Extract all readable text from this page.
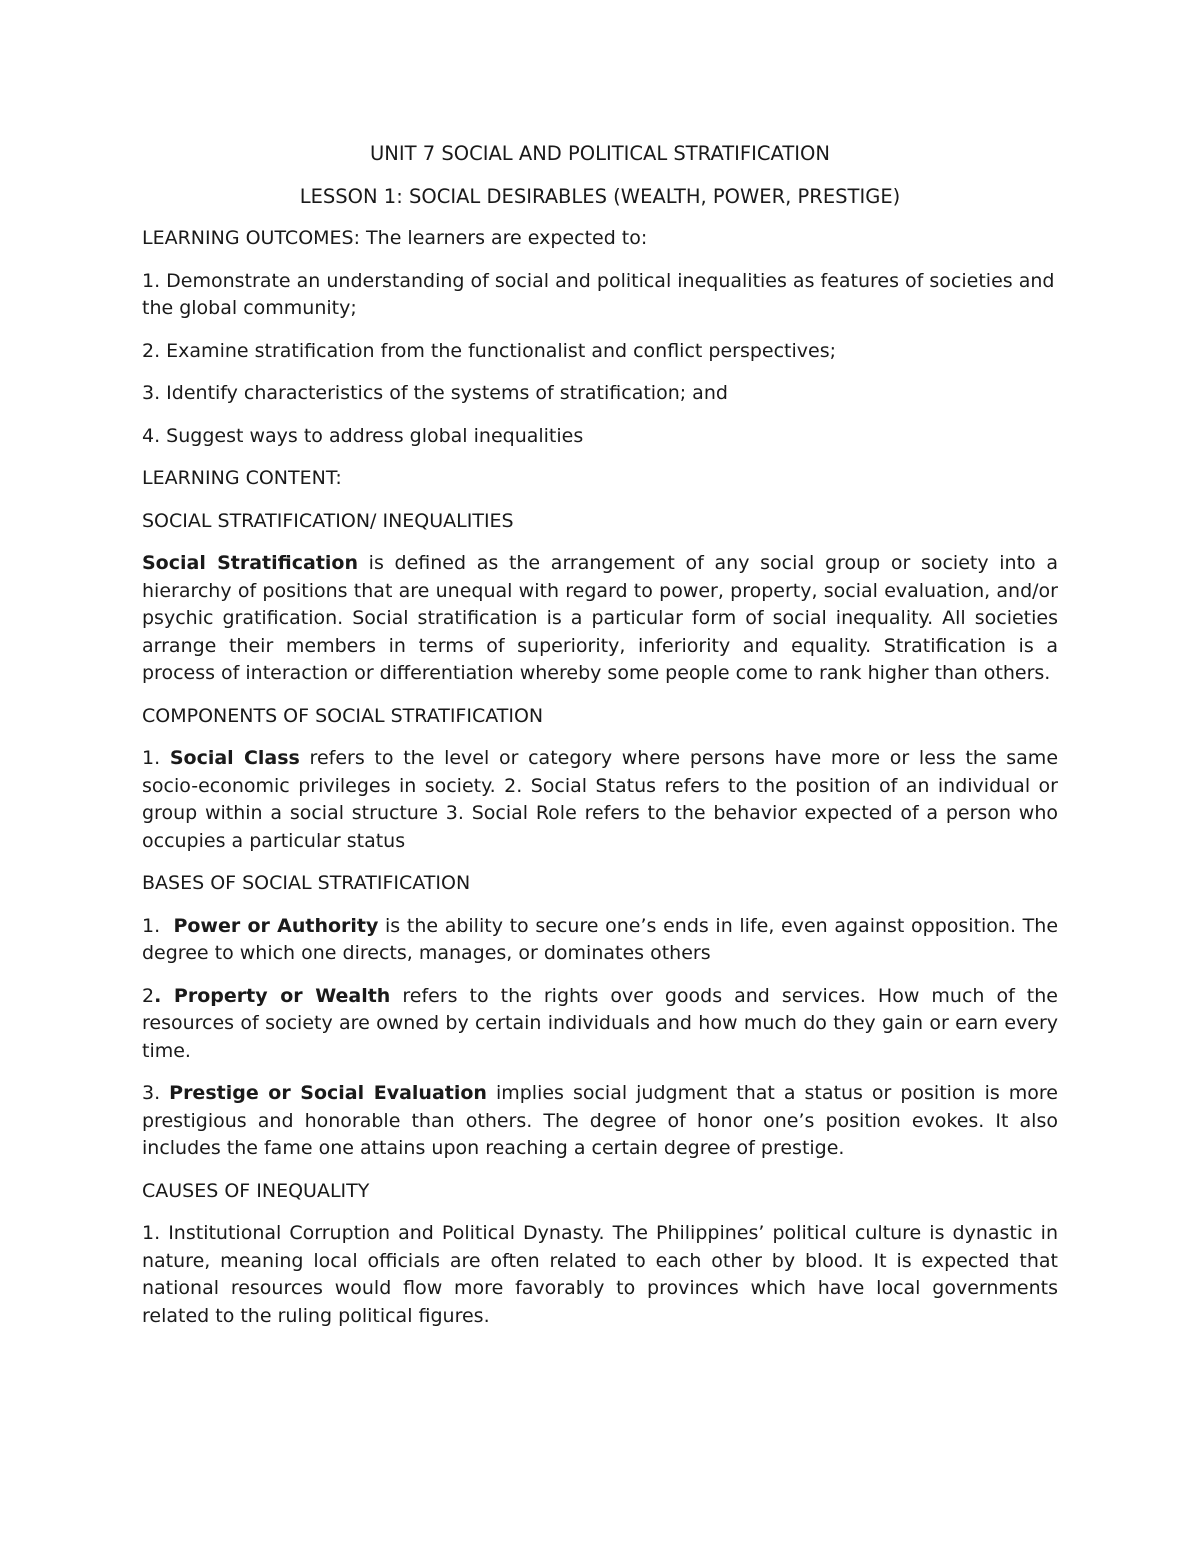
UNIT 7 SOCIAL AND POLITICAL STRATIFICATION

LESSON 1: SOCIAL DESIRABLES (WEALTH, POWER, PRESTIGE)

LEARNING OUTCOMES: The learners are expected to:

1. Demonstrate an understanding of social and political inequalities as features of societies and the global community;

2. Examine stratification from the functionalist and conflict perspectives;

3. Identify characteristics of the systems of stratification; and

4. Suggest ways to address global inequalities

LEARNING CONTENT:

SOCIAL STRATIFICATION/ INEQUALITIES

Social Stratification is defined as the arrangement of any social group or society into a hierarchy of positions that are unequal with regard to power, property, social evaluation, and/or psychic gratification. Social stratification is a particular form of social inequality. All societies arrange their members in terms of superiority, inferiority and equality. Stratification is a process of interaction or differentiation whereby some people come to rank higher than others.

COMPONENTS OF SOCIAL STRATIFICATION

1. Social Class refers to the level or category where persons have more or less the same socio-economic privileges in society. 2. Social Status refers to the position of an individual or group within a social structure 3. Social Role refers to the behavior expected of a person who occupies a particular status

BASES OF SOCIAL STRATIFICATION

1.  Power or Authority is the ability to secure one’s ends in life, even against opposition. The degree to which one directs, manages, or dominates others

2. Property or Wealth refers to the rights over goods and services. How much of the resources of society are owned by certain individuals and how much do they gain or earn every time.

3. Prestige or Social Evaluation implies social judgment that a status or position is more prestigious and honorable than others. The degree of honor one’s position evokes. It also includes the fame one attains upon reaching a certain degree of prestige.

CAUSES OF INEQUALITY

1. Institutional Corruption and Political Dynasty. The Philippines’ political culture is dynastic in nature, meaning local officials are often related to each other by blood. It is expected that national resources would flow more favorably to provinces which have local governments related to the ruling political figures.
